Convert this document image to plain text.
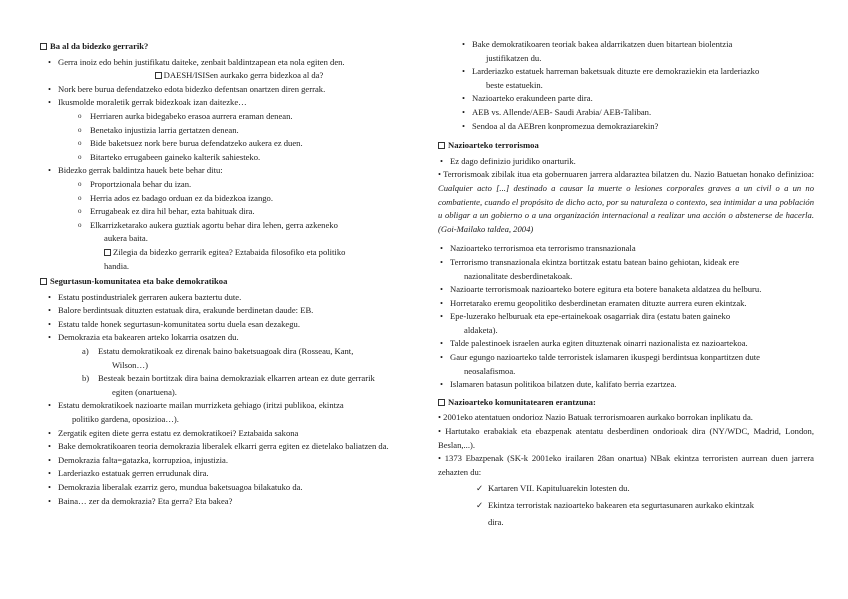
Ba al da bidezko gerrarik?
• Gerra inoiz edo behin justifikatu daiteke, zenbait baldintzapean eta nola egiten den.
DAESH/ISISen aurkako gerra bidezkoa al da?
• Nork bere burua defendatzeko edota bidezko defentsan onartzen diren gerrak.
• Ikusmolde moraletik gerrak bidezkoak izan daitezke…
o Herriaren aurka bidegabeko erasoa aurrera eraman denean.
o Benetako injustizia larria gertatzen denean.
o Bide baketsuez nork bere burua defendatzeko aukera ez duen.
o Bitarteko errugabeen gaineko kalterik sahiesteko.
• Bidezko gerrak baldintza hauek bete behar ditu:
o Proportzionala behar du izan.
o Herria ados ez badago orduan ez da bidezkoa izango.
o Errugabeak ez dira hil behar, ezta bahituak dira.
o Elkarrizketarako aukera guztiak agortu behar dira lehen, gerra azkeneko
aukera baita.
Zilegia da bidezko gerrarik egitea? Eztabaida filosofiko eta politiko
handia.
Segurtasun-komunitatea eta bake demokratikoa
• Estatu postindustrialek gerraren aukera baztertu dute.
• Balore berdintsuak dituzten estatuak dira, erakunde berdinetan daude: EB.
• Estatu talde honek segurtasun-komunitatea sortu duela esan dezakegu.
• Demokrazia eta bakearen arteko lokarria osatzen du.
a) Estatu demokratikoak ez direnak baino baketsuagoak dira (Rosseau, Kant,
Wilson…)
b) Besteak bezain bortitzak dira baina demokraziak elkarren artean ez dute gerrarik
egiten (onartuena).
• Estatu demokratikoek nazioarte mailan murrizketa gehiago (iritzi publikoa, ekintza
politiko gardena, oposizioa…).
• Zergatik egiten diete gerra estatu ez demokratikoei? Eztabaida sakona
• Bake demokratikoaren teoria demokrazia liberalek elkarri gerra egiten ez dietelako baliatzen da.
• Demokrazia falta=gatazka, korrupzioa, injustizia.
• Larderiazko estatuak gerren errudunak dira.
• Demokrazia liberalak ezarriz gero, mundua baketsuagoa bilakatuko da.
• Baina… zer da demokrazia? Eta gerra? Eta bakea?
• Bake demokratikoaren teoriak bakea aldarrikatzen duen bitartean biolentzia
justifikatzen du.
• Larderiazko estatuek harreman baketsuak dituzte ere demokraziekin eta larderiazko
beste estatuekin.
• Nazioarteko erakundeen parte dira.
• AEB vs. Allende/AEB- Saudi Arabia/ AEB-Taliban.
• Sendoa al da AEBren konpromezua demokraziarekin?
Nazioarteko terrorismoa
• Ez dago definizio juridiko onarturik.
• Terrorismoak zibilak itua eta gobernuaren jarrera aldaraztea bilatzen du. Nazio Batuetan honako definizioa: Cualquier acto [...] destinado a causar la muerte o lesiones corporales graves a un civil o a un no combatiente, cuando el propósito de dicho acto, por su naturaleza o contexto, sea intimidar a una población u obligar a un gobierno o a una organización internacional a realizar una acción o abstenerse de hacerla. (Goi-Mailako taldea, 2004)
• Nazioarteko terrorismoa eta terrorismo transnazionala
• Terrorismo transnazionala ekintza bortitzak estatu batean baino gehiotan, kideak ere
nazionalitate desberdinetakoak.
• Nazioarte terrorismoak nazioarteko botere egitura eta botere banaketa aldatzea du helburu.
• Horretarako eremu geopolitiko desberdinetan eramaten dituzte aurrera euren ekintzak.
• Epe-luzerako helburuak eta epe-ertainekoak osagarriak dira (estatu baten gaineko
aldaketa).
• Talde palestinoek israelen aurka egiten dituztenak oinarri nazionalista ez nazioartekoa.
• Gaur egungo nazioarteko talde terroristek islamaren ikuspegi berdintsua konpartitzen dute
neosalafismoa.
• Islamaren batasun politikoa bilatzen dute, kalifato berria ezartzea.
Nazioarteko komunitatearen erantzuna:
• 2001eko atentatuen ondorioz Nazio Batuak terrorismoaren aurkako borrokan inplikatu da.
• Hartutako erabakiak eta ebazpenak atentatu desberdinen ondorioak dira (NY/WDC, Madrid, London, Beslan,...).
• 1373 Ebazpenak (SK-k 2001eko irailaren 28an onartua) NBak ekintza terroristen aurrean duen jarrera zehazten du:
✓ Kartaren VII. Kapituluarekin lotesten du.
✓ Ekintza terroristak nazioarteko bakearen eta segurtasunaren aurkako ekintzak
dira.
